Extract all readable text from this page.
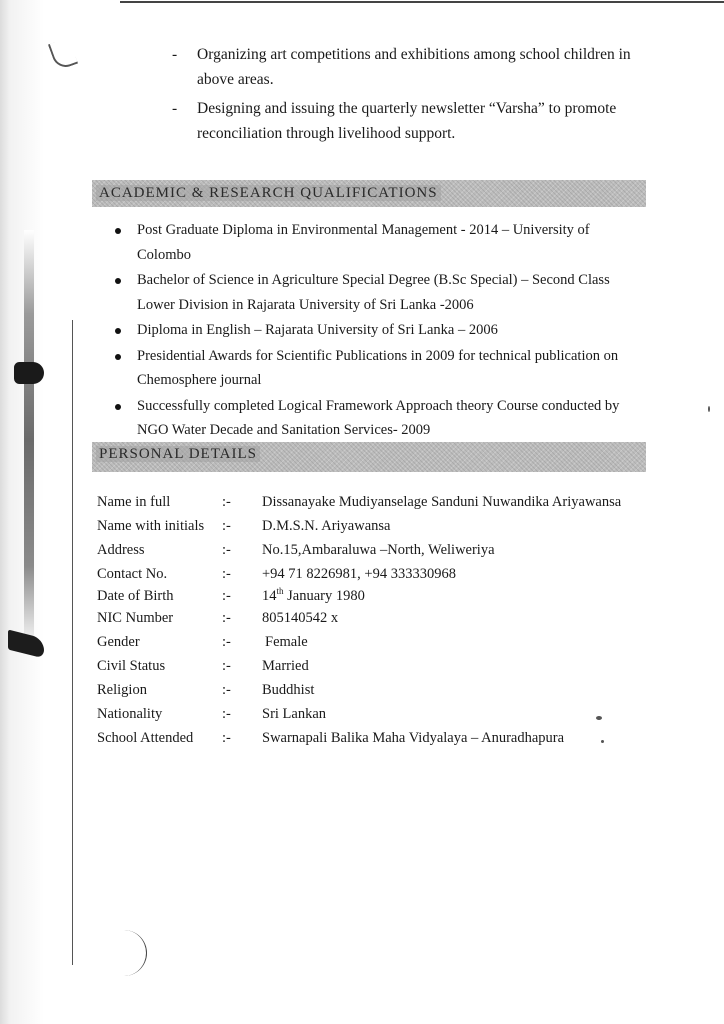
- Organizing art competitions and exhibitions among school children in above areas.
- Designing and issuing the quarterly newsletter “Varsha” to promote reconciliation through livelihood support.
ACADEMIC & RESEARCH QUALIFICATIONS
Post Graduate Diploma in Environmental Management - 2014 – University of Colombo
Bachelor of Science in Agriculture Special Degree (B.Sc Special) – Second Class Lower Division in Rajarata University of Sri Lanka -2006
Diploma in English – Rajarata University of Sri Lanka – 2006
Presidential Awards for Scientific Publications in 2009 for technical publication on Chemosphere journal
Successfully completed Logical Framework Approach theory Course conducted by NGO Water Decade and Sanitation Services- 2009
PERSONAL DETAILS
Name in full	:- Dissanayake Mudiyanselage Sanduni Nuwandika Ariyawansa
Name with initials	:- D.M.S.N. Ariyawansa
Address	:- No.15,Ambaraluwa –North, Weliweriya
Contact No.	:- +94 71 8226981, +94 333330968
Date of Birth	:- 14th January 1980
NIC Number	:- 805140542 x
Gender	:- Female
Civil Status	:- Married
Religion	:- Buddhist
Nationality	:- Sri Lankan
School Attended	:- Swarnapali Balika Maha Vidyalaya – Anuradhapura
